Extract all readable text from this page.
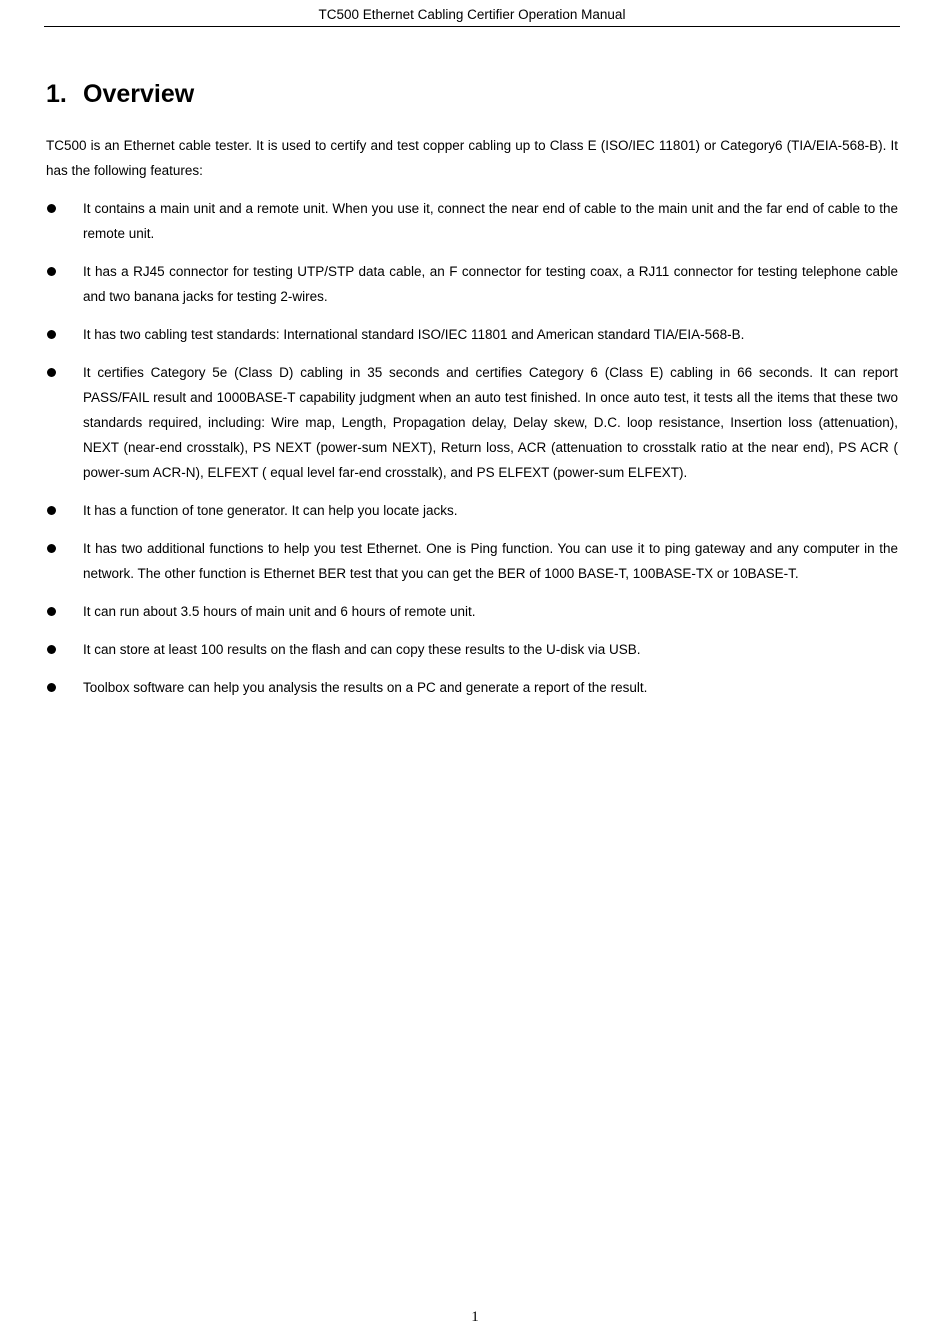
TC500 Ethernet Cabling Certifier Operation Manual
1. Overview

TC500 is an Ethernet cable tester. It is used to certify and test copper cabling up to Class E (ISO/IEC 11801) or Category6 (TIA/EIA-568-B). It has the following features:

It contains a main unit and a remote unit. When you use it, connect the near end of cable to the main unit and the far end of cable to the remote unit.
It has a RJ45 connector for testing UTP/STP data cable, an F connector for testing coax, a RJ11 connector for testing telephone cable and two banana jacks for testing 2-wires.
It has two cabling test standards: International standard ISO/IEC 11801 and American standard TIA/EIA-568-B.
It certifies Category 5e (Class D) cabling in 35 seconds and certifies Category 6 (Class E) cabling in 66 seconds. It can report PASS/FAIL result and 1000BASE-T capability judgment when an auto test finished. In once auto test, it tests all the items that these two standards required, including: Wire map, Length, Propagation delay, Delay skew, D.C. loop resistance, Insertion loss (attenuation), NEXT (near-end crosstalk), PS NEXT (power-sum NEXT), Return loss, ACR (attenuation to crosstalk ratio at the near end), PS ACR ( power-sum ACR-N), ELFEXT ( equal level far-end crosstalk), and PS ELFEXT (power-sum ELFEXT).
It has a function of tone generator. It can help you locate jacks.
It has two additional functions to help you test Ethernet. One is Ping function. You can use it to ping gateway and any computer in the network. The other function is Ethernet BER test that you can get the BER of 1000 BASE-T, 100BASE-TX or 10BASE-T.
It can run about 3.5 hours of main unit and 6 hours of remote unit.
It can store at least 100 results on the flash and can copy these results to the U-disk via USB.
Toolbox software can help you analysis the results on a PC and generate a report of the result.
1
